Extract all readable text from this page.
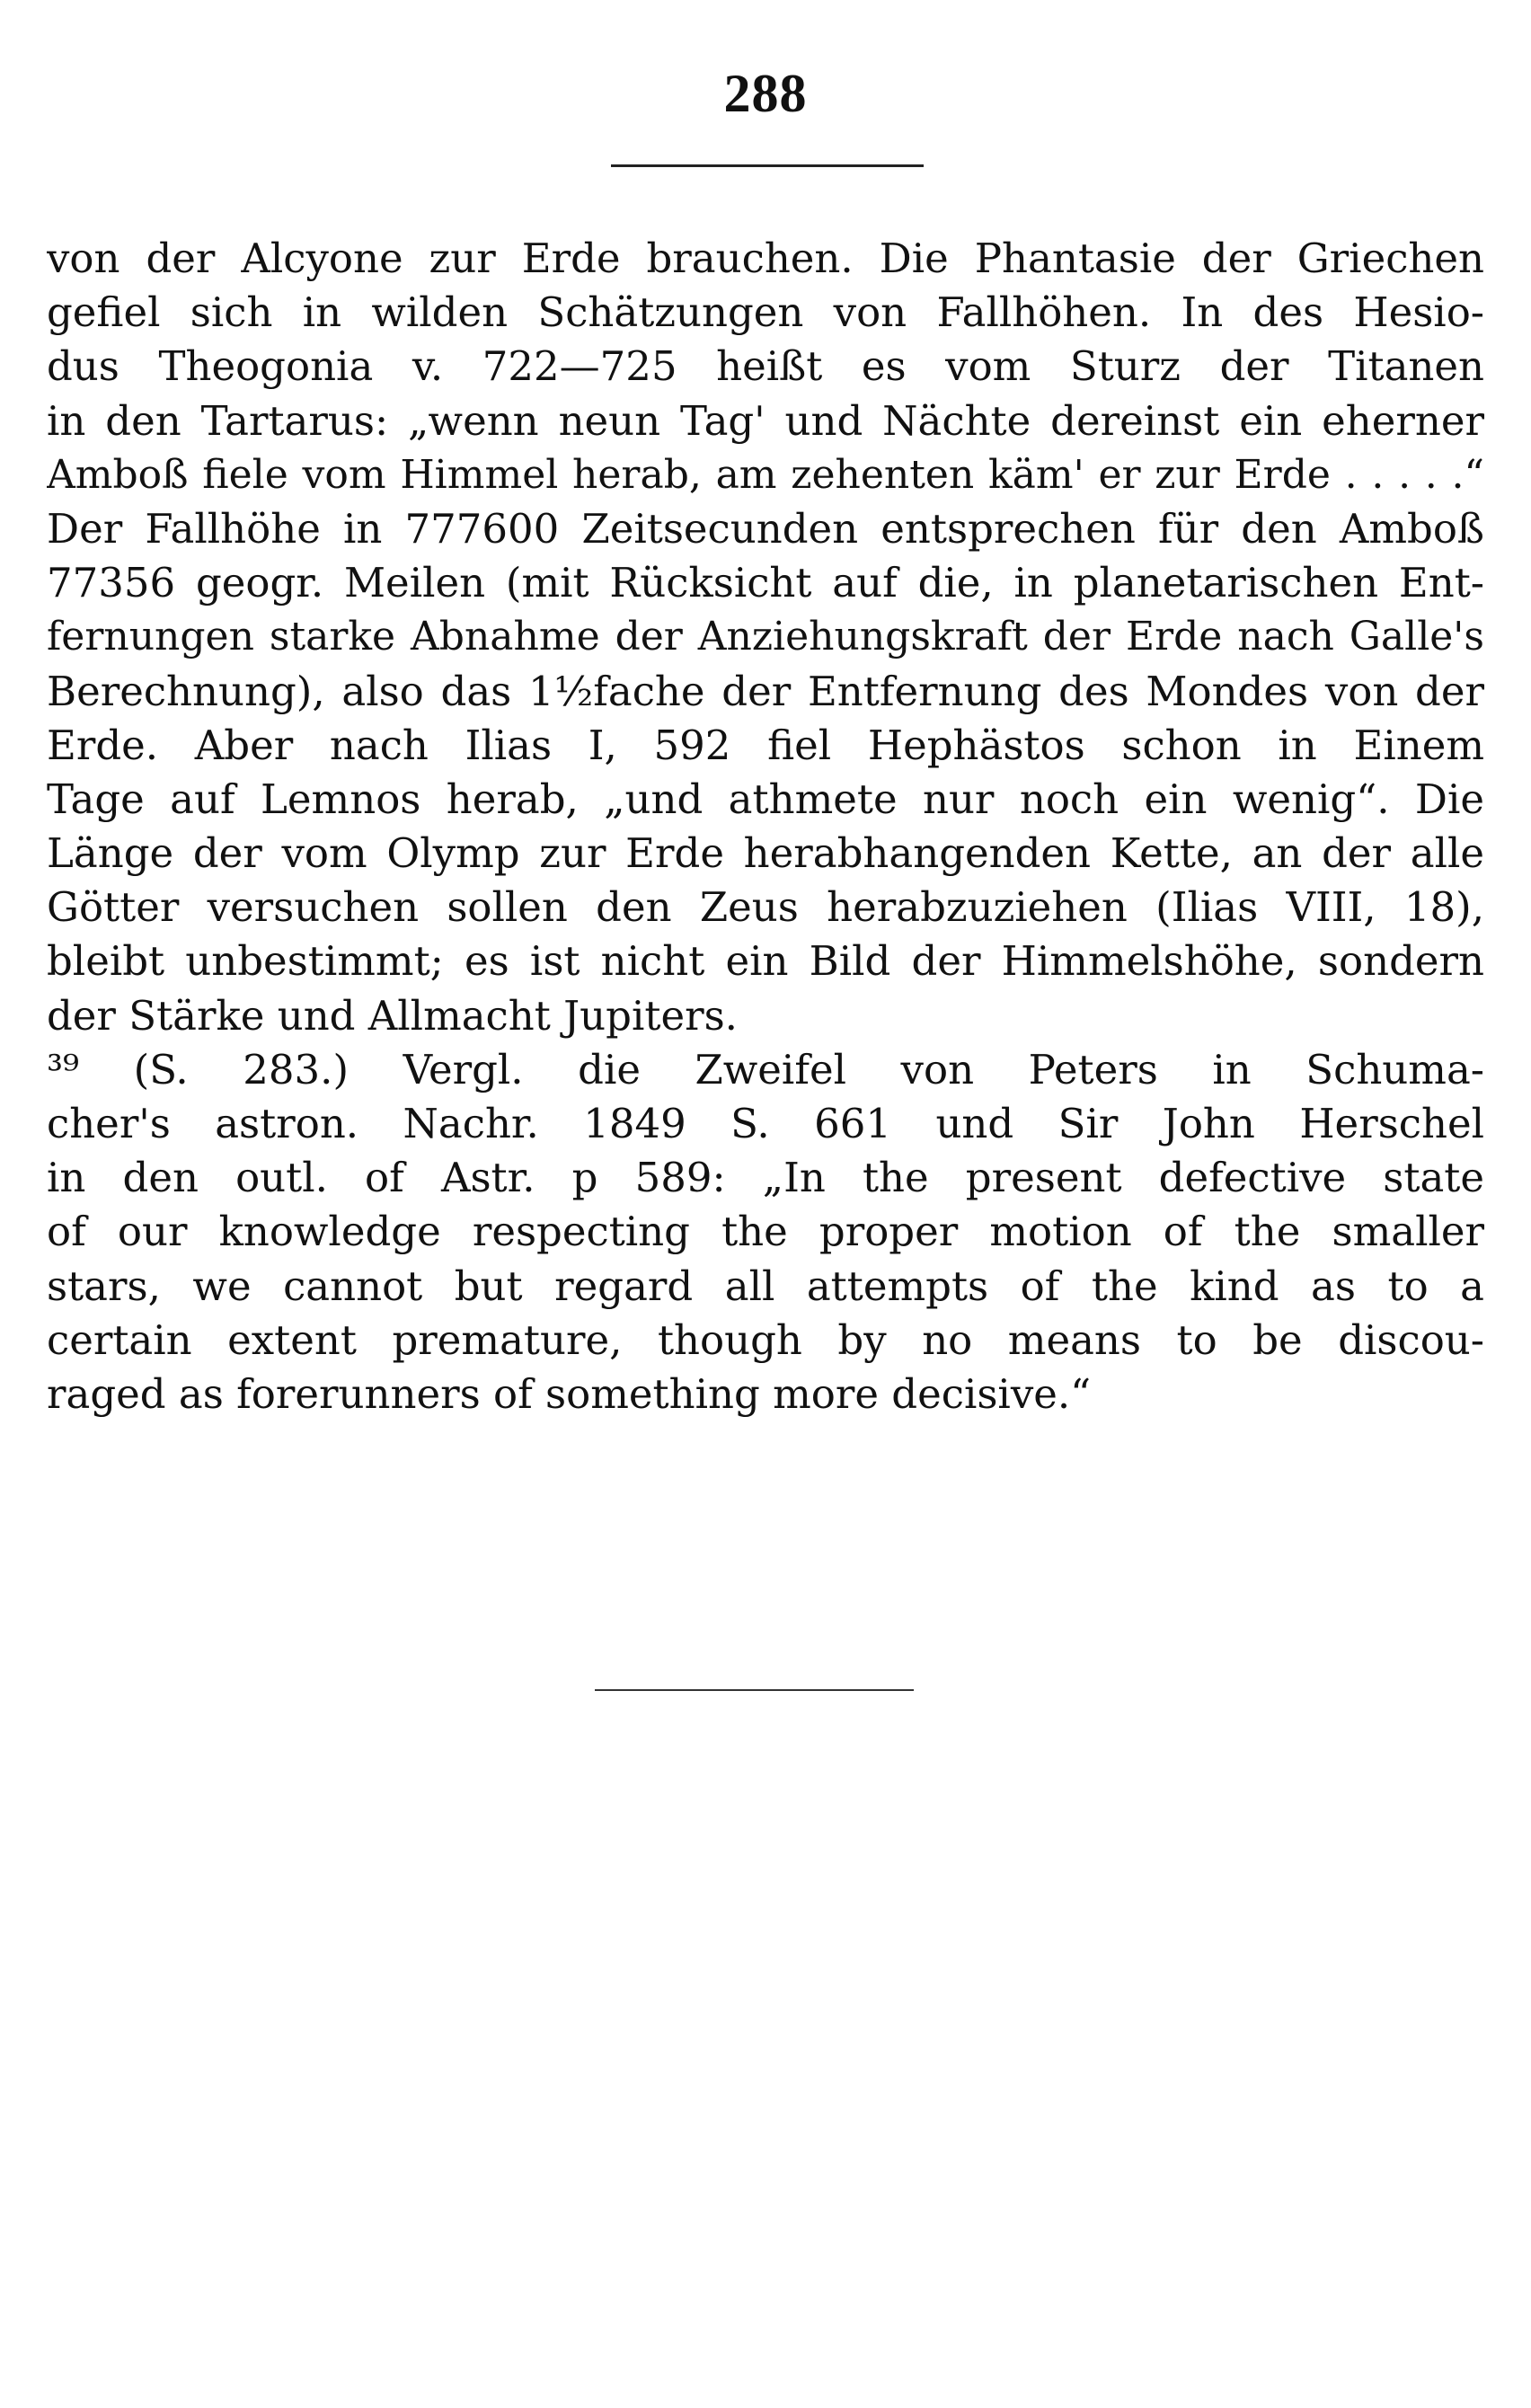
288
von der Alcyone zur Erde brauchen. Die Phantasie der Griechen
gefiel sich in wilden Schätzungen von Fallhöhen. In des Hesio-
dus Theogonia v. 722—725 heißt es vom Sturz der Titanen
in den Tartarus: „wenn neun Tag' und Nächte dereinst ein eherner
Amboß fiele vom Himmel herab, am zehenten käm' er zur Erde . . . . .“
Der Fallhöhe in 777600 Zeitsecunden entsprechen für den Amboß
77356 geogr. Meilen (mit Rücksicht auf die, in planetarischen Ent-
fernungen starke Abnahme der Anziehungskraft der Erde nach Galle's
Berechnung), also das 1½fache der Entfernung des Mondes von der
Erde. Aber nach Ilias I, 592 fiel Hephästos schon in Einem
Tage auf Lemnos herab, „und athmete nur noch ein wenig“. Die
Länge der vom Olymp zur Erde herabhangenden Kette, an der alle
Götter versuchen sollen den Zeus herabzuziehen (Ilias VIII, 18),
bleibt unbestimmt; es ist nicht ein Bild der Himmelshöhe, sondern
der Stärke und Allmacht Jupiters.
³⁹ (S. 283.) Vergl. die Zweifel von Peters in Schuma-
cher's astron. Nachr. 1849 S. 661 und Sir John Herschel
in den outl. of Astr. p 589: „In the present defective state
of our knowledge respecting the proper motion of the smaller
stars, we cannot but regard all attempts of the kind as to a
certain extent premature, though by no means to be discou-
raged as forerunners of something more decisive.“
